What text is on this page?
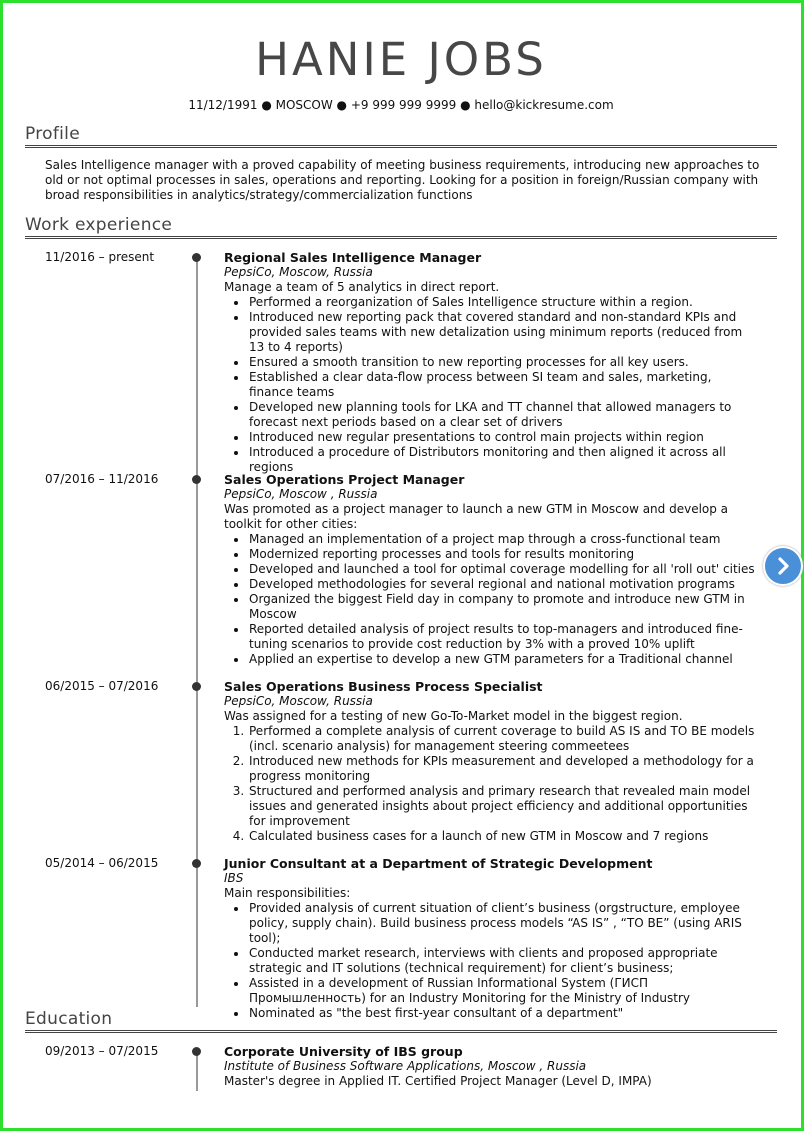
HANIE JOBS
11/12/1991 ● MOSCOW ● +9 999 999 9999 ● hello@kickresume.com
Profile
Sales Intelligence manager with a proved capability of meeting business requirements, introducing new approaches to old or not optimal processes in sales, operations and reporting. Looking for a position in foreign/Russian company with broad responsibilities in analytics/strategy/commercialization functions
Work experience
11/2016 – present	Regional Sales Intelligence Manager
PepsiCo, Moscow, Russia
Manage a team of 5 analytics in direct report.
• Performed a reorganization of Sales Intelligence structure within a region.
• Introduced new reporting pack that covered standard and non-standard KPIs and provided sales teams with new detalization using minimum reports (reduced from 13 to 4 reports)
• Ensured a smooth transition to new reporting processes for all key users.
• Established a clear data-flow process between SI team and sales, marketing, finance teams
• Developed new planning tools for LKA and TT channel that allowed managers to forecast next periods based on a clear set of drivers
• Introduced new regular presentations to control main projects within region
• Introduced a procedure of Distributors monitoring and then aligned it across all regions
07/2016 – 11/2016	Sales Operations Project Manager
PepsiCo, Moscow , Russia
Was promoted as a project manager to launch a new GTM in Moscow and develop a toolkit for other cities:
• Managed an implementation of a project map through a cross-functional team
• Modernized reporting processes and tools for results monitoring
• Developed and launched a tool for optimal coverage modelling for all 'roll out' cities
• Developed methodologies for several regional and national motivation programs
• Organized the biggest Field day in company to promote and introduce new GTM in Moscow
• Reported detailed analysis of project results to top-managers and introduced fine-tuning scenarios to provide cost reduction by 3% with a proved 10% uplift
• Applied an expertise to develop a new GTM parameters for a Traditional channel
06/2015 – 07/2016	Sales Operations Business Process Specialist
PepsiCo, Moscow, Russia
Was assigned for a testing of new Go-To-Market model in the biggest region.
1. Performed a complete analysis of current coverage to build AS IS and TO BE models (incl. scenario analysis) for management steering commeetees
2. Introduced new methods for KPIs measurement and developed a methodology for a progress monitoring
3. Structured and performed analysis and primary research that revealed main model issues and generated insights about project efficiency and additional opportunities for improvement
4. Calculated business cases for a launch of new GTM in Moscow and 7 regions
05/2014 – 06/2015	Junior Consultant at a Department of Strategic Development
IBS
Main responsibilities:
• Provided analysis of current situation of client’s business (orgstructure, employee policy, supply chain). Build business process models “AS IS” , “TO BE” (using ARIS tool);
• Conducted market research, interviews with clients and proposed appropriate strategic and IT solutions (technical requirement) for client’s business;
• Assisted in a development of Russian Informational System (ГИСП Промышленность) for an Industry Monitoring for the Ministry of Industry
• Nominated as "the best first-year consultant of a department"
Education
09/2013 – 07/2015	Corporate University of IBS group
Institute of Business Software Applications, Moscow , Russia
Master's degree in Applied IT. Certified Project Manager (Level D, IMPA)
